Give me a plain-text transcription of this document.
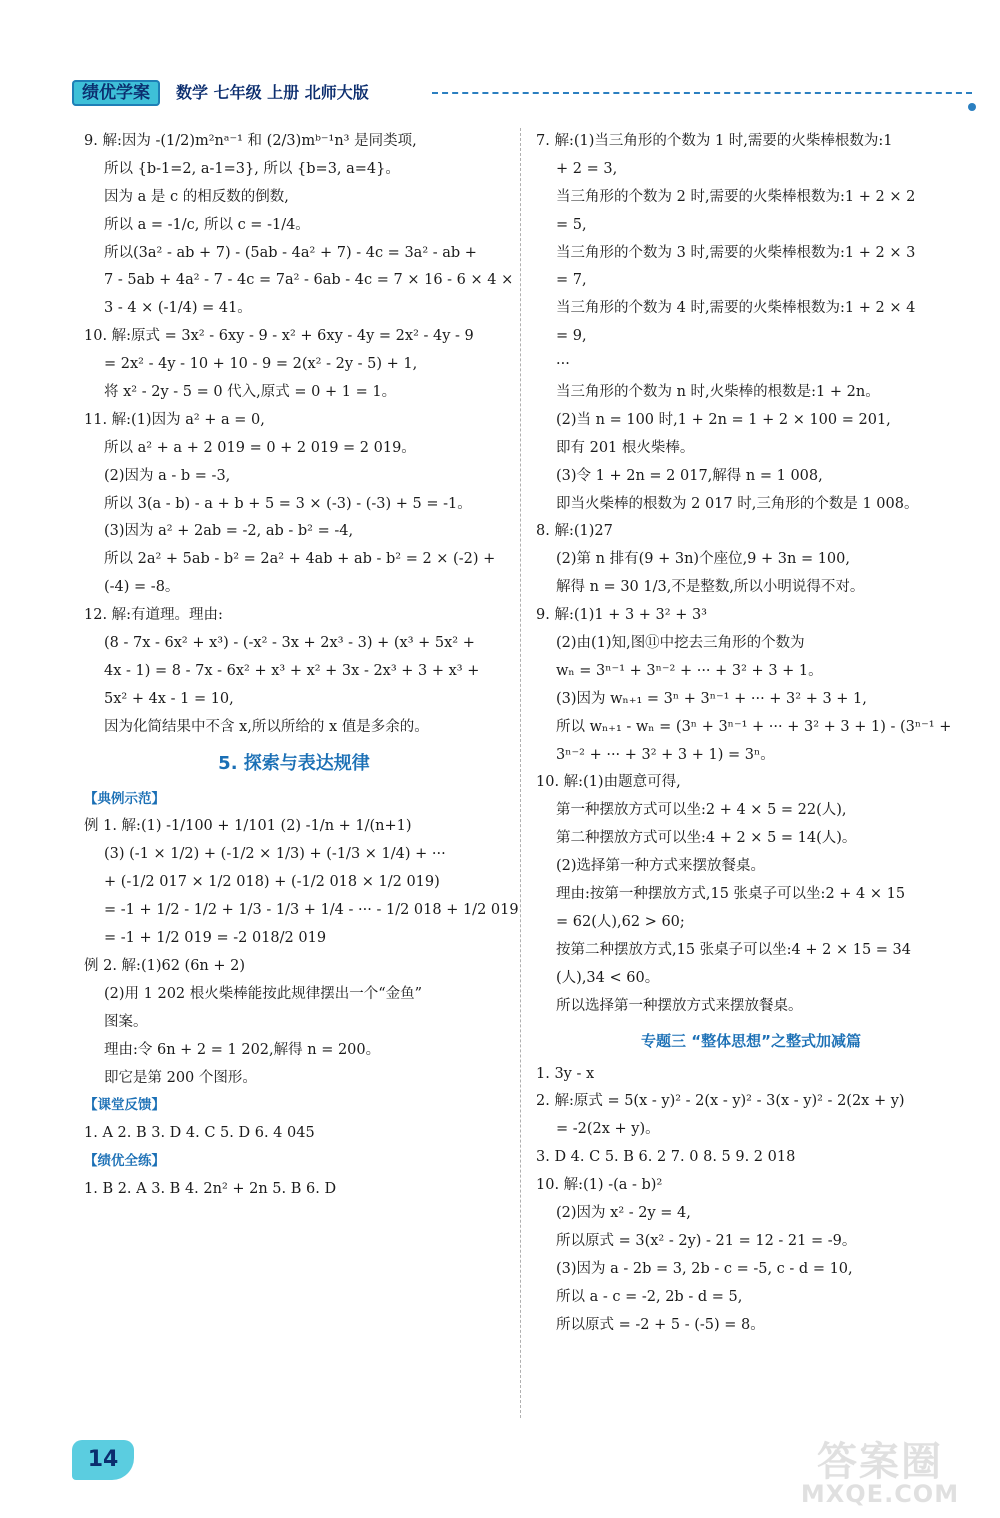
绩优学案	数学 七年级 上册 北师大版
9. 解:因为 -(1/2)m²nᵃ⁻¹ 和 (2/3)mᵇ⁻¹n³ 是同类项,
所以 {b-1=2, a-1=3}, 所以 {b=3, a=4}。
因为 a 是 c 的相反数的倒数,
所以 a = -1/c, 所以 c = -1/4。
所以(3a² - ab + 7) - (5ab - 4a² + 7) - 4c = 3a² - ab +
7 - 5ab + 4a² - 7 - 4c = 7a² - 6ab - 4c = 7 × 16 - 6 × 4 ×
3 - 4 × (-1/4) = 41。
10. 解:原式 = 3x² - 6xy - 9 - x² + 6xy - 4y = 2x² - 4y - 9
= 2x² - 4y - 10 + 10 - 9 = 2(x² - 2y - 5) + 1,
将 x² - 2y - 5 = 0 代入,原式 = 0 + 1 = 1。
11. 解:(1)因为 a² + a = 0,
所以 a² + a + 2 019 = 0 + 2 019 = 2 019。
(2)因为 a - b = -3,
所以 3(a - b) - a + b + 5 = 3 × (-3) - (-3) + 5 = -1。
(3)因为 a² + 2ab = -2, ab - b² = -4,
所以 2a² + 5ab - b² = 2a² + 4ab + ab - b² = 2 × (-2) +
(-4) = -8。
12. 解:有道理。理由:
(8 - 7x - 6x² + x³) - (-x² - 3x + 2x³ - 3) + (x³ + 5x² +
4x - 1) = 8 - 7x - 6x² + x³ + x² + 3x - 2x³ + 3 + x³ +
5x² + 4x - 1 = 10,
因为化简结果中不含 x,所以所给的 x 值是多余的。
5. 探索与表达规律
【典例示范】
例 1. 解:(1) -1/100 + 1/101 (2) -1/n + 1/(n+1)
(3) (-1 × 1/2) + (-1/2 × 1/3) + (-1/3 × 1/4) + ···
+ (-1/2 017 × 1/2 018) + (-1/2 018 × 1/2 019)
= -1 + 1/2 - 1/2 + 1/3 - 1/3 + 1/4 - ··· - 1/2 018 + 1/2 019
= -1 + 1/2 019 = -2 018/2 019
例 2. 解:(1)62 (6n + 2)
(2)用 1 202 根火柴棒能按此规律摆出一个“金鱼”
图案。
理由:令 6n + 2 = 1 202,解得 n = 200。
即它是第 200 个图形。
【课堂反馈】
1. A 2. B 3. D 4. C 5. D 6. 4 045
【绩优全练】
1. B 2. A 3. B 4. 2n² + 2n 5. B 6. D
7. 解:(1)当三角形的个数为 1 时,需要的火柴棒根数为:1
+ 2 = 3,
当三角形的个数为 2 时,需要的火柴棒根数为:1 + 2 × 2
= 5,
当三角形的个数为 3 时,需要的火柴棒根数为:1 + 2 × 3
= 7,
当三角形的个数为 4 时,需要的火柴棒根数为:1 + 2 × 4
= 9,
···
当三角形的个数为 n 时,火柴棒的根数是:1 + 2n。
(2)当 n = 100 时,1 + 2n = 1 + 2 × 100 = 201,
即有 201 根火柴棒。
(3)令 1 + 2n = 2 017,解得 n = 1 008,
即当火柴棒的根数为 2 017 时,三角形的个数是 1 008。
8. 解:(1)27
(2)第 n 排有(9 + 3n)个座位,9 + 3n = 100,
解得 n = 30 1/3,不是整数,所以小明说得不对。
9. 解:(1)1 + 3 + 3² + 3³
(2)由(1)知,图⑪中挖去三角形的个数为
wₙ = 3ⁿ⁻¹ + 3ⁿ⁻² + ··· + 3² + 3 + 1。
(3)因为 wₙ₊₁ = 3ⁿ + 3ⁿ⁻¹ + ··· + 3² + 3 + 1,
所以 wₙ₊₁ - wₙ = (3ⁿ + 3ⁿ⁻¹ + ··· + 3² + 3 + 1) - (3ⁿ⁻¹ +
3ⁿ⁻² + ··· + 3² + 3 + 1) = 3ⁿ。
10. 解:(1)由题意可得,
第一种摆放方式可以坐:2 + 4 × 5 = 22(人),
第二种摆放方式可以坐:4 + 2 × 5 = 14(人)。
(2)选择第一种方式来摆放餐桌。
理由:按第一种摆放方式,15 张桌子可以坐:2 + 4 × 15
= 62(人),62 > 60;
按第二种摆放方式,15 张桌子可以坐:4 + 2 × 15 = 34
(人),34 < 60。
所以选择第一种摆放方式来摆放餐桌。
专题三 “整体思想”之整式加减篇
1. 3y - x
2. 解:原式 = 5(x - y)² - 2(x - y)² - 3(x - y)² - 2(2x + y)
= -2(2x + y)。
3. D 4. C 5. B 6. 2 7. 0 8. 5 9. 2 018
10. 解:(1) -(a - b)²
(2)因为 x² - 2y = 4,
所以原式 = 3(x² - 2y) - 21 = 12 - 21 = -9。
(3)因为 a - 2b = 3, 2b - c = -5, c - d = 10,
所以 a - c = -2, 2b - d = 5,
所以原式 = -2 + 5 - (-5) = 8。
14	答案圈
MXQE.COM
